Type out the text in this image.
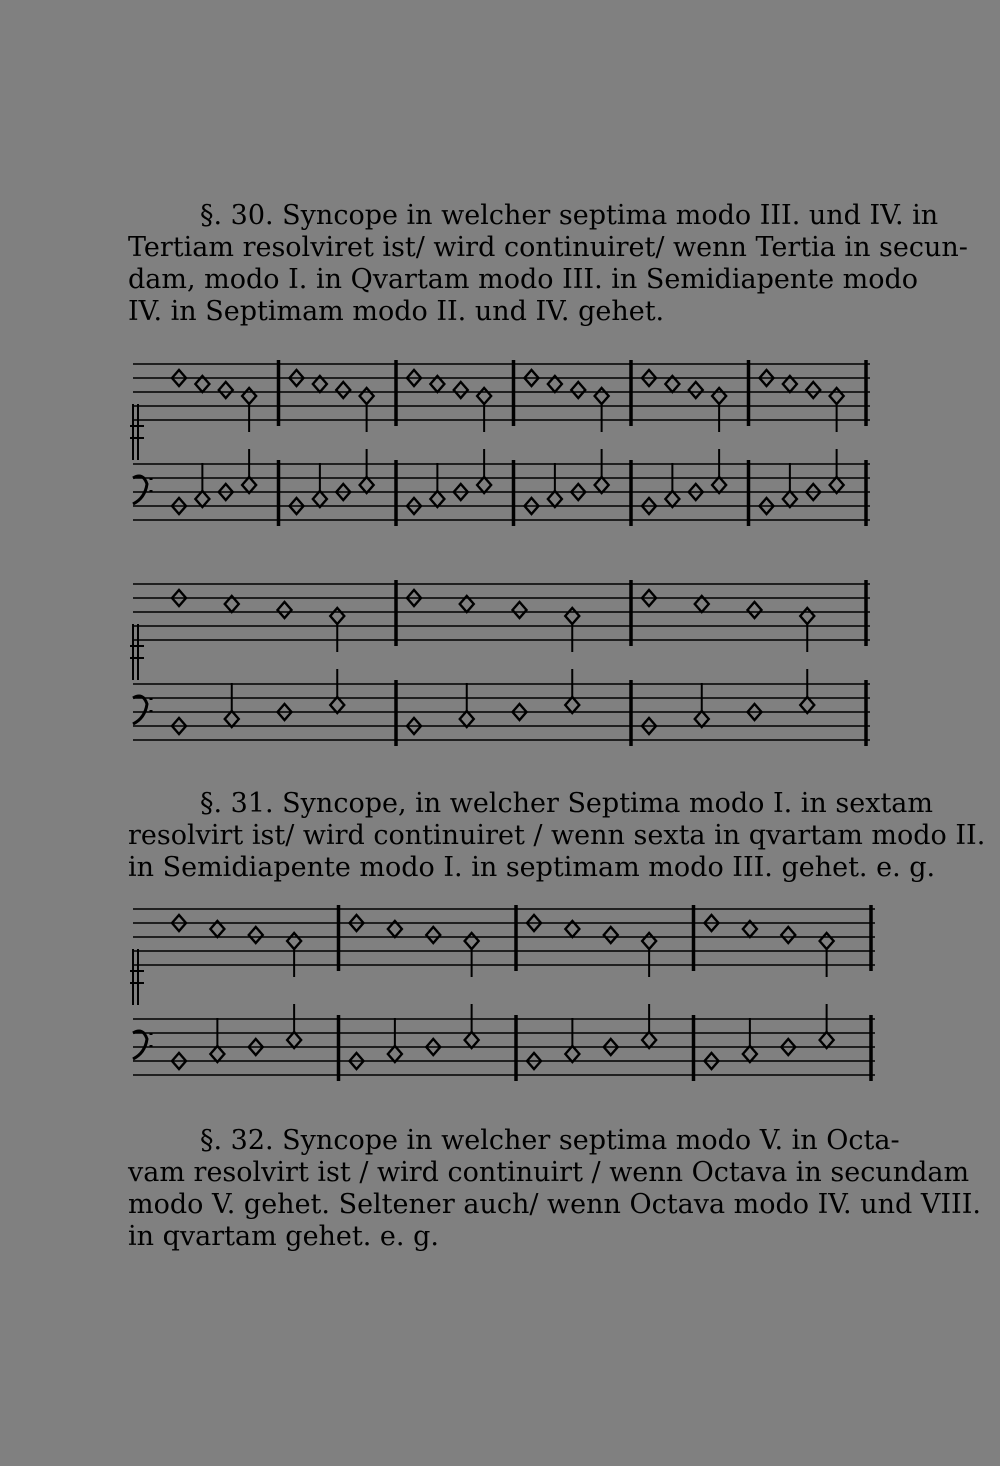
§. 30. Syncope in welcher septima modo III. und IV. in
Tertiam resolviret ist/ wird continuiret/ wenn Tertia in secun-
dam, modo I. in Qvartam modo III. in Semidiapente modo
IV. in Septimam modo II. und IV. gehet.
§. 31. Syncope, in welcher Septima modo I. in sextam
resolvirt ist/ wird continuiret / wenn sexta in qvartam modo II.
in Semidiapente modo I. in septimam modo III. gehet. e. g.
§. 32. Syncope in welcher septima modo V. in Octa-
vam resolvirt ist / wird continuirt / wenn Octava in secundam
modo V. gehet. Seltener auch/ wenn Octava modo IV. und VIII.
in qvartam gehet. e. g.
